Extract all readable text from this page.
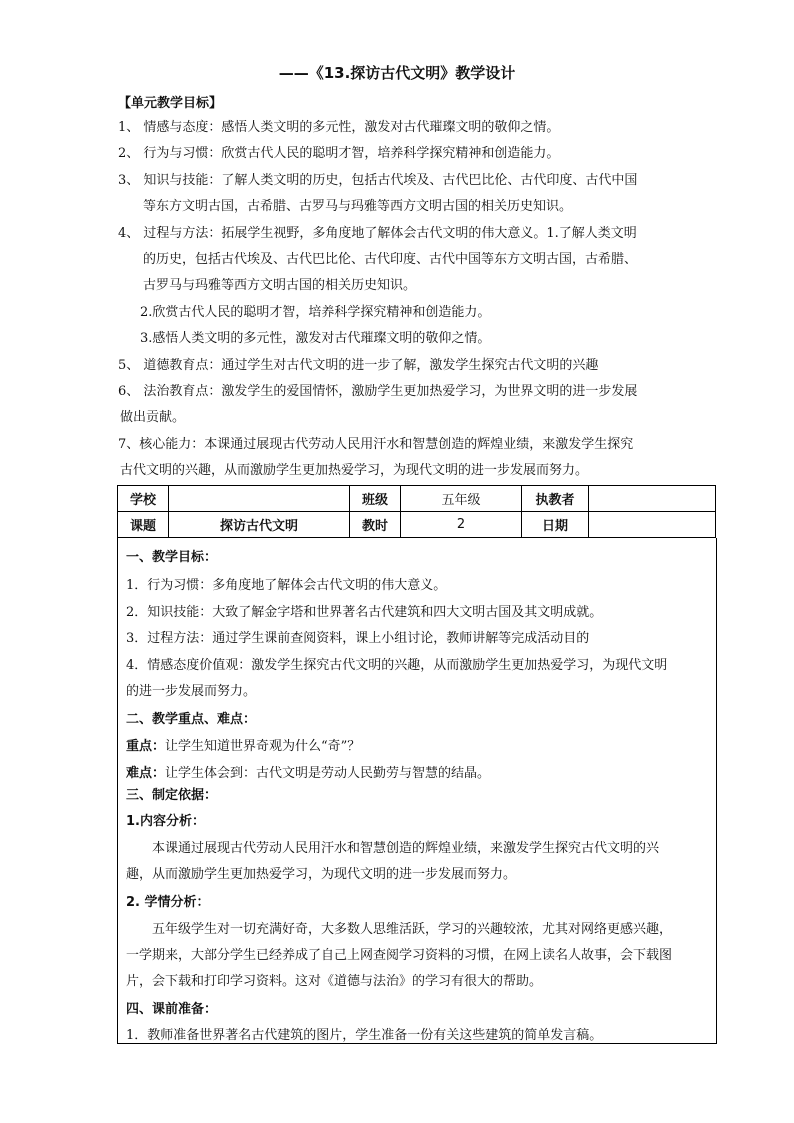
——《13.探访古代文明》教学设计
【单元教学目标】
1、 情感与态度：感悟人类文明的多元性，激发对古代璀璨文明的敬仰之情。
2、 行为与习惯：欣赏古代人民的聪明才智，培养科学探究精神和创造能力。
3、 知识与技能：了解人类文明的历史，包括古代埃及、古代巴比伦、古代印度、古代中国
等东方文明古国，古希腊、古罗马与玛雅等西方文明古国的相关历史知识。
4、 过程与方法：拓展学生视野，多角度地了解体会古代文明的伟大意义。1.了解人类文明
的历史，包括古代埃及、古代巴比伦、古代印度、古代中国等东方文明古国，古希腊、
古罗马与玛雅等西方文明古国的相关历史知识。
2.欣赏古代人民的聪明才智，培养科学探究精神和创造能力。
3.感悟人类文明的多元性，激发对古代璀璨文明的敬仰之情。
5、 道德教育点：通过学生对古代文明的进一步了解，激发学生探究古代文明的兴趣
6、 法治教育点：激发学生的爱国情怀，激励学生更加热爱学习，为世界文明的进一步发展
做出贡献。
7、核心能力：本课通过展现古代劳动人民用汗水和智慧创造的辉煌业绩，来激发学生探究
古代文明的兴趣，从而激励学生更加热爱学习，为现代文明的进一步发展而努力。
学校		班级	五年级	执教者	
课题	探访古代文明	教时	2	日期	
一、教学目标：
1．行为习惯：多角度地了解体会古代文明的伟大意义。
2．知识技能：大致了解金字塔和世界著名古代建筑和四大文明古国及其文明成就。
3．过程方法：通过学生课前查阅资料，课上小组讨论，教师讲解等完成活动目的
4．情感态度价值观：激发学生探究古代文明的兴趣，从而激励学生更加热爱学习，为现代文明
的进一步发展而努力。
二、教学重点、难点：
重点：让学生知道世界奇观为什么“奇”？
难点：让学生体会到：古代文明是劳动人民勤劳与智慧的结晶。
三、制定依据：
1.内容分析：
　　本课通过展现古代劳动人民用汗水和智慧创造的辉煌业绩，来激发学生探究古代文明的兴
趣，从而激励学生更加热爱学习，为现代文明的进一步发展而努力。
2. 学情分析：
　　五年级学生对一切充满好奇，大多数人思维活跃，学习的兴趣较浓，尤其对网络更感兴趣，
一学期来，大部分学生已经养成了自己上网查阅学习资料的习惯，在网上读名人故事，会下载图
片，会下载和打印学习资料。这对《道德与法治》的学习有很大的帮助。
四、课前准备：
1．教师准备世界著名古代建筑的图片，学生准备一份有关这些建筑的简单发言稿。
